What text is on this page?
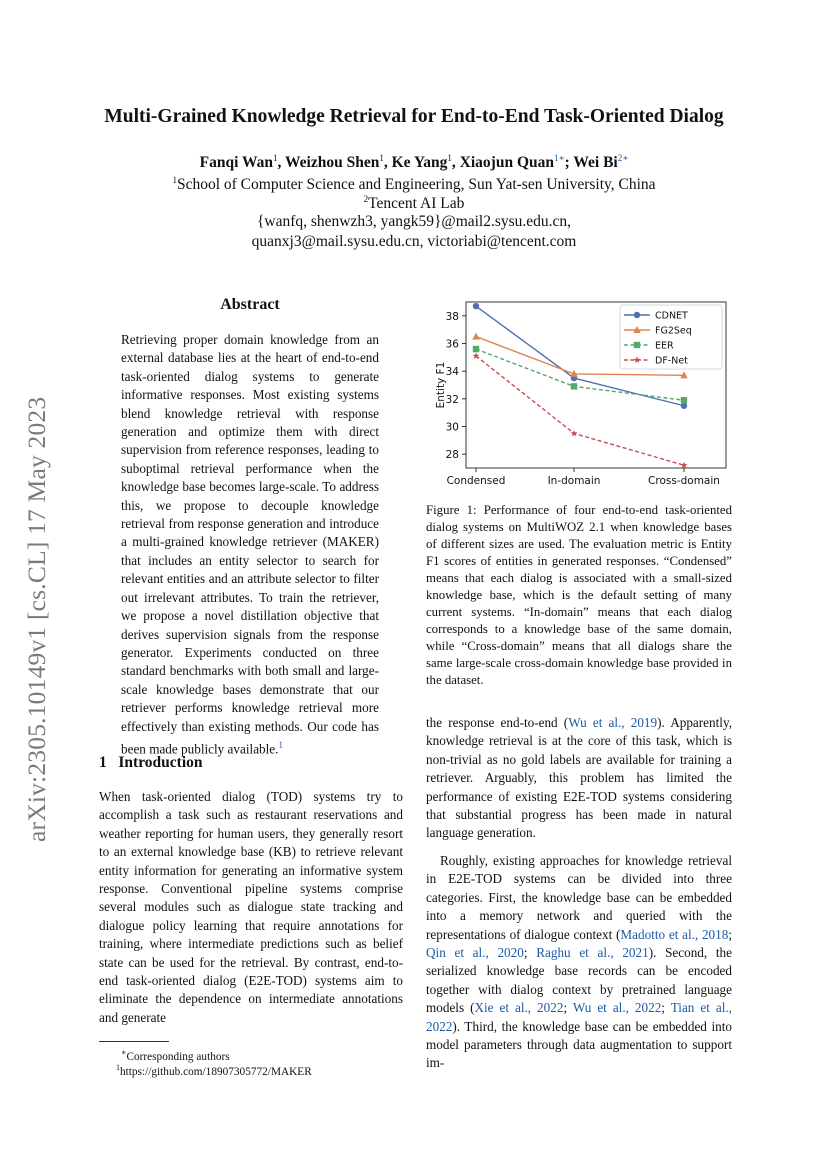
arXiv:2305.10149v1 [cs.CL] 17 May 2023
Multi-Grained Knowledge Retrieval for End-to-End Task-Oriented Dialog
Fanqi Wan$^1$, Weizhou Shen$^1$, Ke Yang$^1$, Xiaojun Quan$^{1∗}$; Wei $Bi^{2∗}$
$^1$School of Computer Science and Engineering, Sun Yat-sen University, China
$^2$Tencent AI Lab
{wanfq, shenwzh3, yangk59}@mail2.sysu.edu.cn,
quanxj3@mail.sysu.edu.cn, victoriabi@tencent.com
Abstract
Retrieving proper domain knowledge from an external database lies at the heart of end-to-end task-oriented dialog systems to generate informative responses. Most existing systems blend knowledge retrieval with response generation and optimize them with direct supervision from reference responses, leading to suboptimal retrieval performance when the knowledge base becomes large-scale. To address this, we propose to decouple knowledge retrieval from response generation and introduce a multi-grained knowledge retriever (MAKER) that includes an entity selector to search for relevant entities and an attribute selector to filter out irrelevant attributes. To train the retriever, we propose a novel distillation objective that derives supervision signals from the response generator. Experiments conducted on three standard benchmarks with both small and large-scale knowledge bases demonstrate that our retriever performs knowledge retrieval more effectively than existing methods. Our code has been made publicly available.$^1$
1 Introduction

When task-oriented dialog (TOD) systems try to accomplish a task such as restaurant reservations and weather reporting for human users, they generally resort to an external knowledge base (KB) to retrieve relevant entity information for generating an informative system response. Conventional pipeline systems comprise several modules such as dialogue state tracking and dialogue policy learning that require annotations for training, where intermediate predictions such as belief state can be used for the retrieval. By contrast, end-to-end task-oriented dialog (E2E-TOD) systems aim to eliminate the dependence on intermediate annotations and generate

∗Corresponding authors
$^1$https://github.com/18907305772/MAKER
28
30
32
34
36
38
Condensed	In-domain	Cross-domain
Entity F1
CDNET
FG2Seq
EER
DF-Net
Figure 1: Performance of four end-to-end task-oriented dialog systems on MultiWOZ 2.1 when knowledge bases of different sizes are used. The evaluation metric is Entity F1 scores of entities in generated responses. “Condensed” means that each dialog is associated with a small-sized knowledge base, which is the default setting of many current systems. “In-domain” means that each dialog corresponds to a knowledge base of the same domain, while “Cross-domain” means that all dialogs share the same large-scale cross-domain knowledge base provided in the dataset.

the response end-to-end (Wu et al., 2019). Apparently, knowledge retrieval is at the core of this task, which is non-trivial as no gold labels are available for training a retriever. Arguably, this problem has limited the performance of existing E2E-TOD systems considering that substantial progress has been made in natural language generation.

Roughly, existing approaches for knowledge retrieval in E2E-TOD systems can be divided into three categories. First, the knowledge base can be embedded into a memory network and queried with the representations of dialogue context (Madotto et al., 2018; Qin et al., 2020; Raghu et al., 2021). Second, the serialized knowledge base records can be encoded together with dialog context by pretrained language models (Xie et al., 2022; Wu et al., 2022; Tian et al., 2022). Third, the knowledge base can be embedded into model parameters through data augmentation to support im-
